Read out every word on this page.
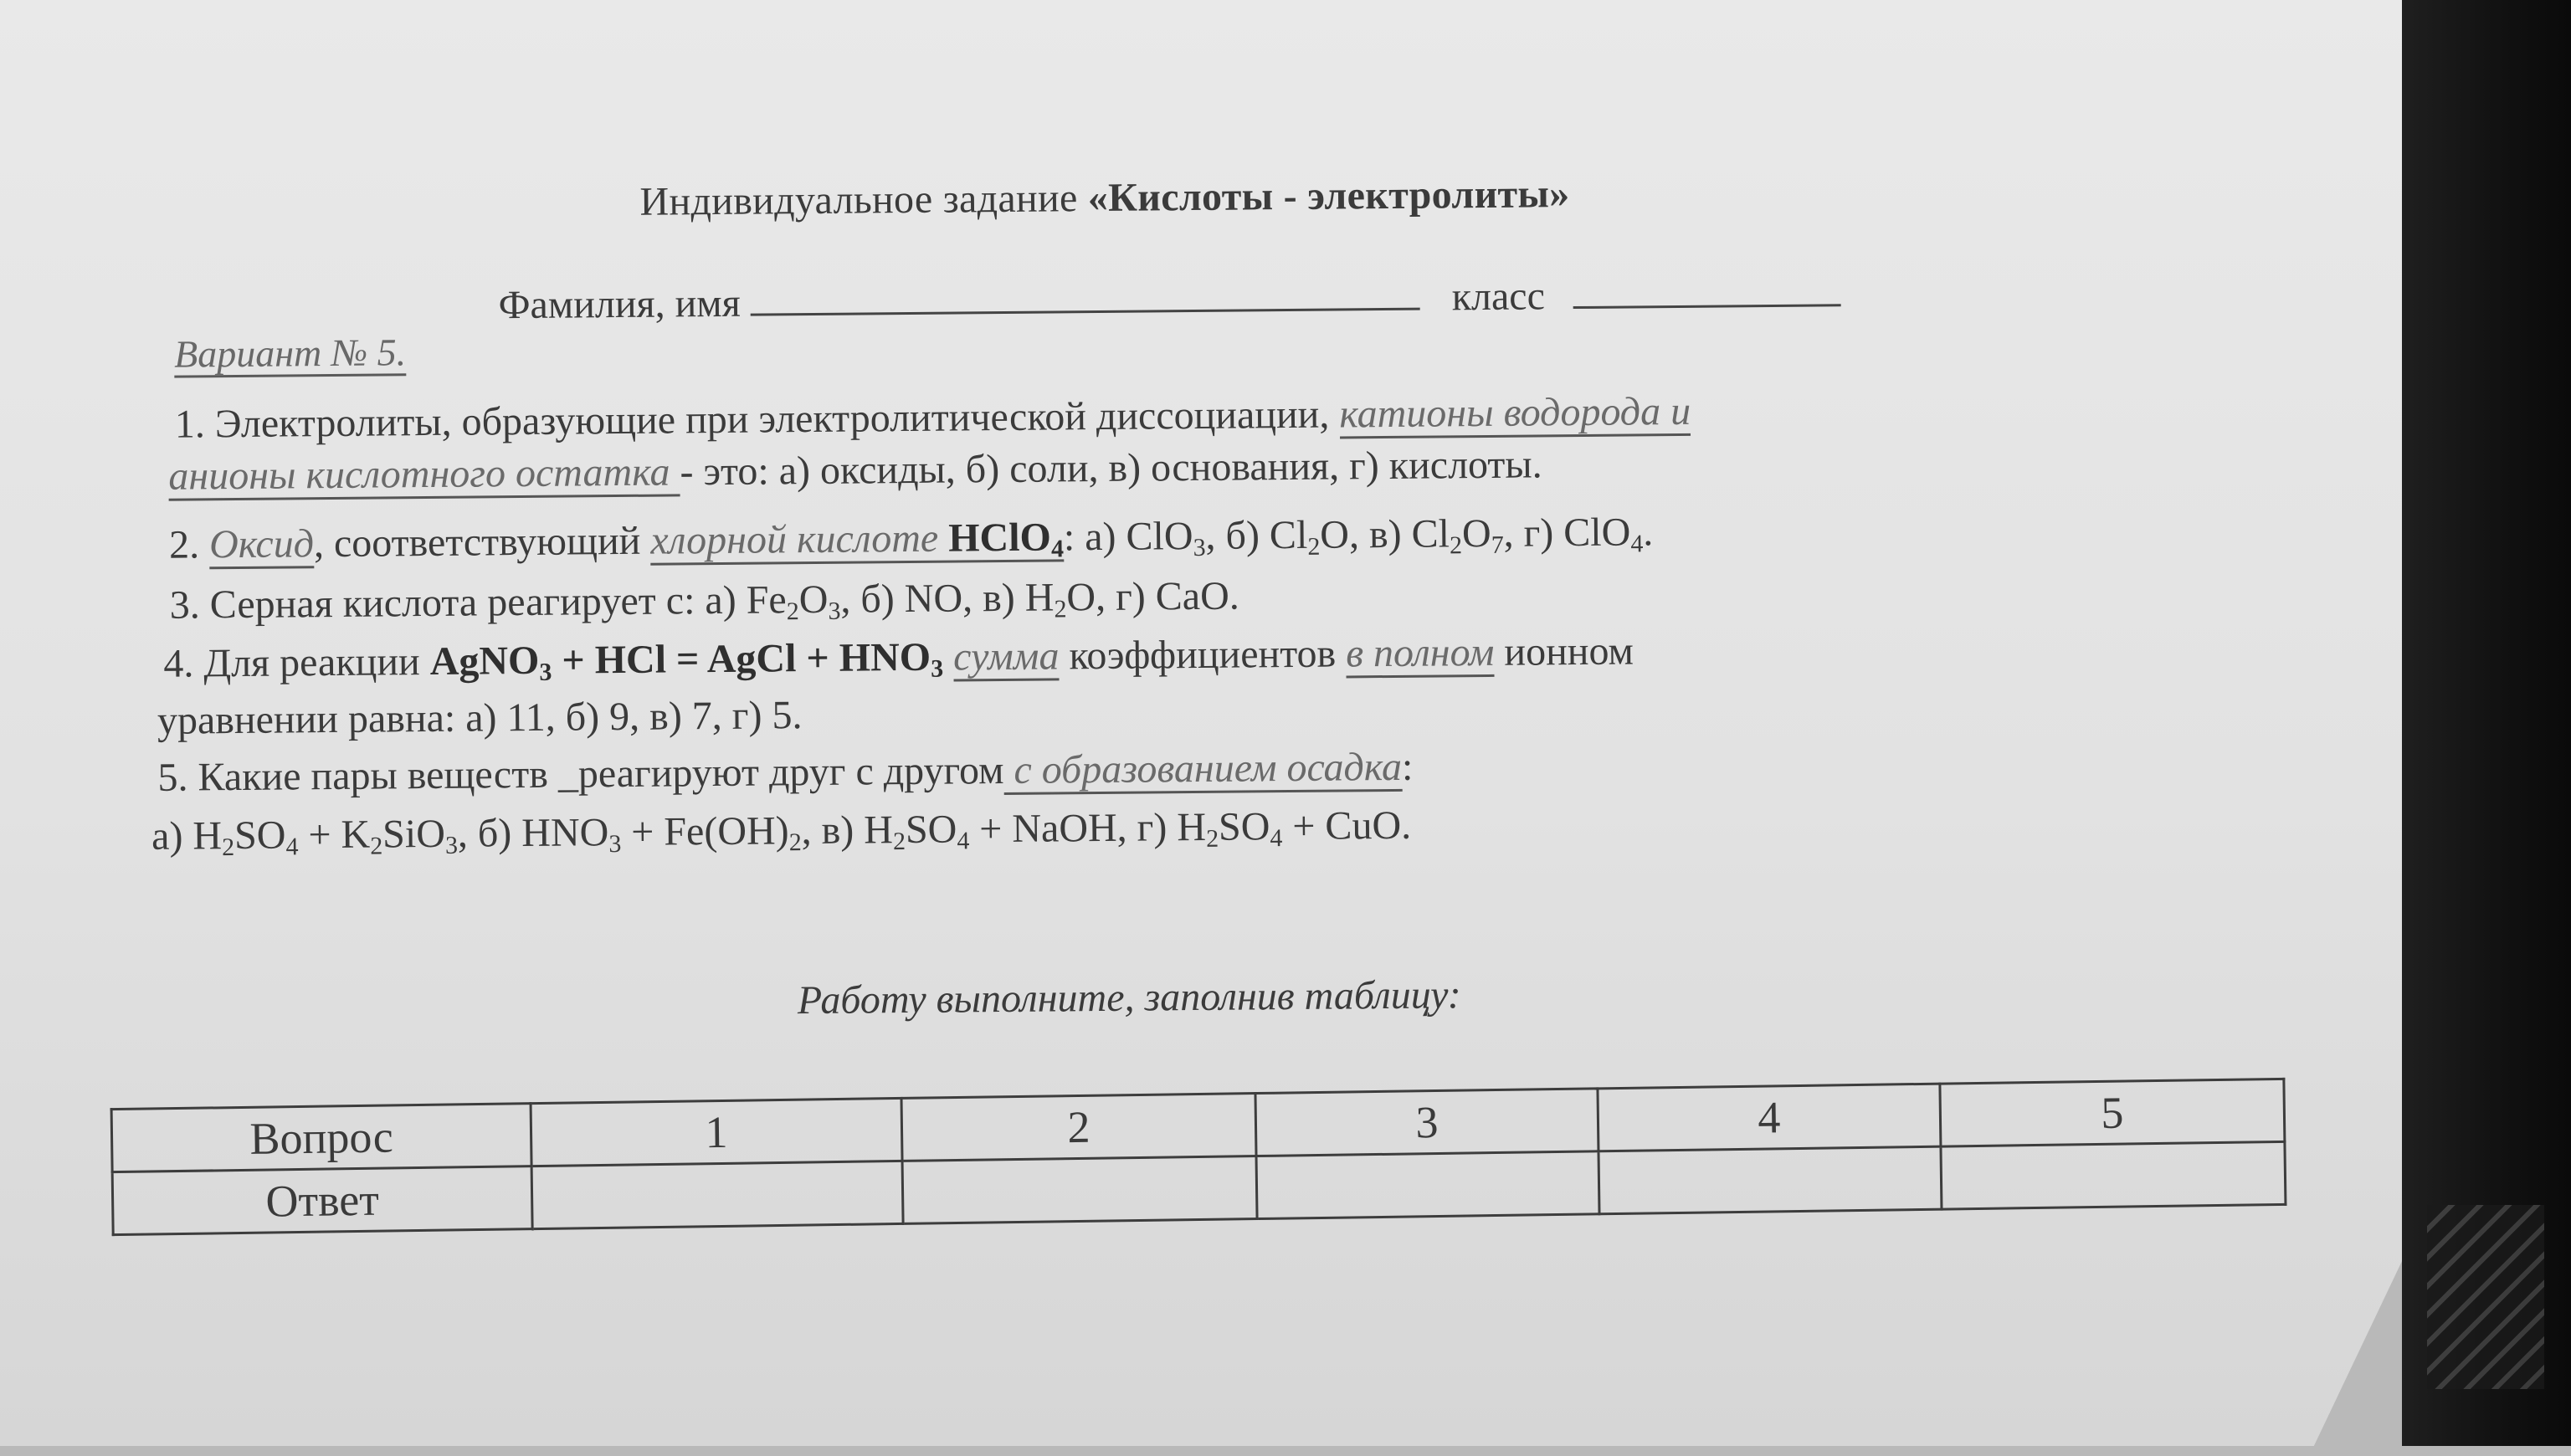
Индивидуальное задание «Кислоты - электролиты»
Фамилия, имя	класс
Вариант № 5.
1. Электролиты, образующие при электролитической диссоциации, катионы водорода и
анионы кислотного остатка - это: а) оксиды, б) соли, в) основания, г) кислоты.
2. Оксид, соответствующий хлорной кислоте HClO$_4$: а) ClO$_3$, б) $Cl_2O$, в) $Cl_2O_7$, г) ClO$_4$.
3. Серная кислота реагирует с: а) $Fe_2O_3$, б) NO, в) $H_2O$, г) CaO.
4. Для реакции AgNO$_3$ + HCl = AgCl + $HNO_3$ сумма коэффициентов в полном ионном
уравнении равна: а) 11, б) 9, в) 7, г) 5.
5. Какие пары веществ _реагируют друг с другом с образованием осадка:
а) $H_2SO_4 + K_2SiO_3$, б) $HNO_3 + Fe(OH)_2$, в) $H_2SO_4$ + NaOH, г) $H_2SO_4$ + CuO.
Работу выполните, заполнив таблицу:
Вопрос	1	2	3	4	5
Ответ					
